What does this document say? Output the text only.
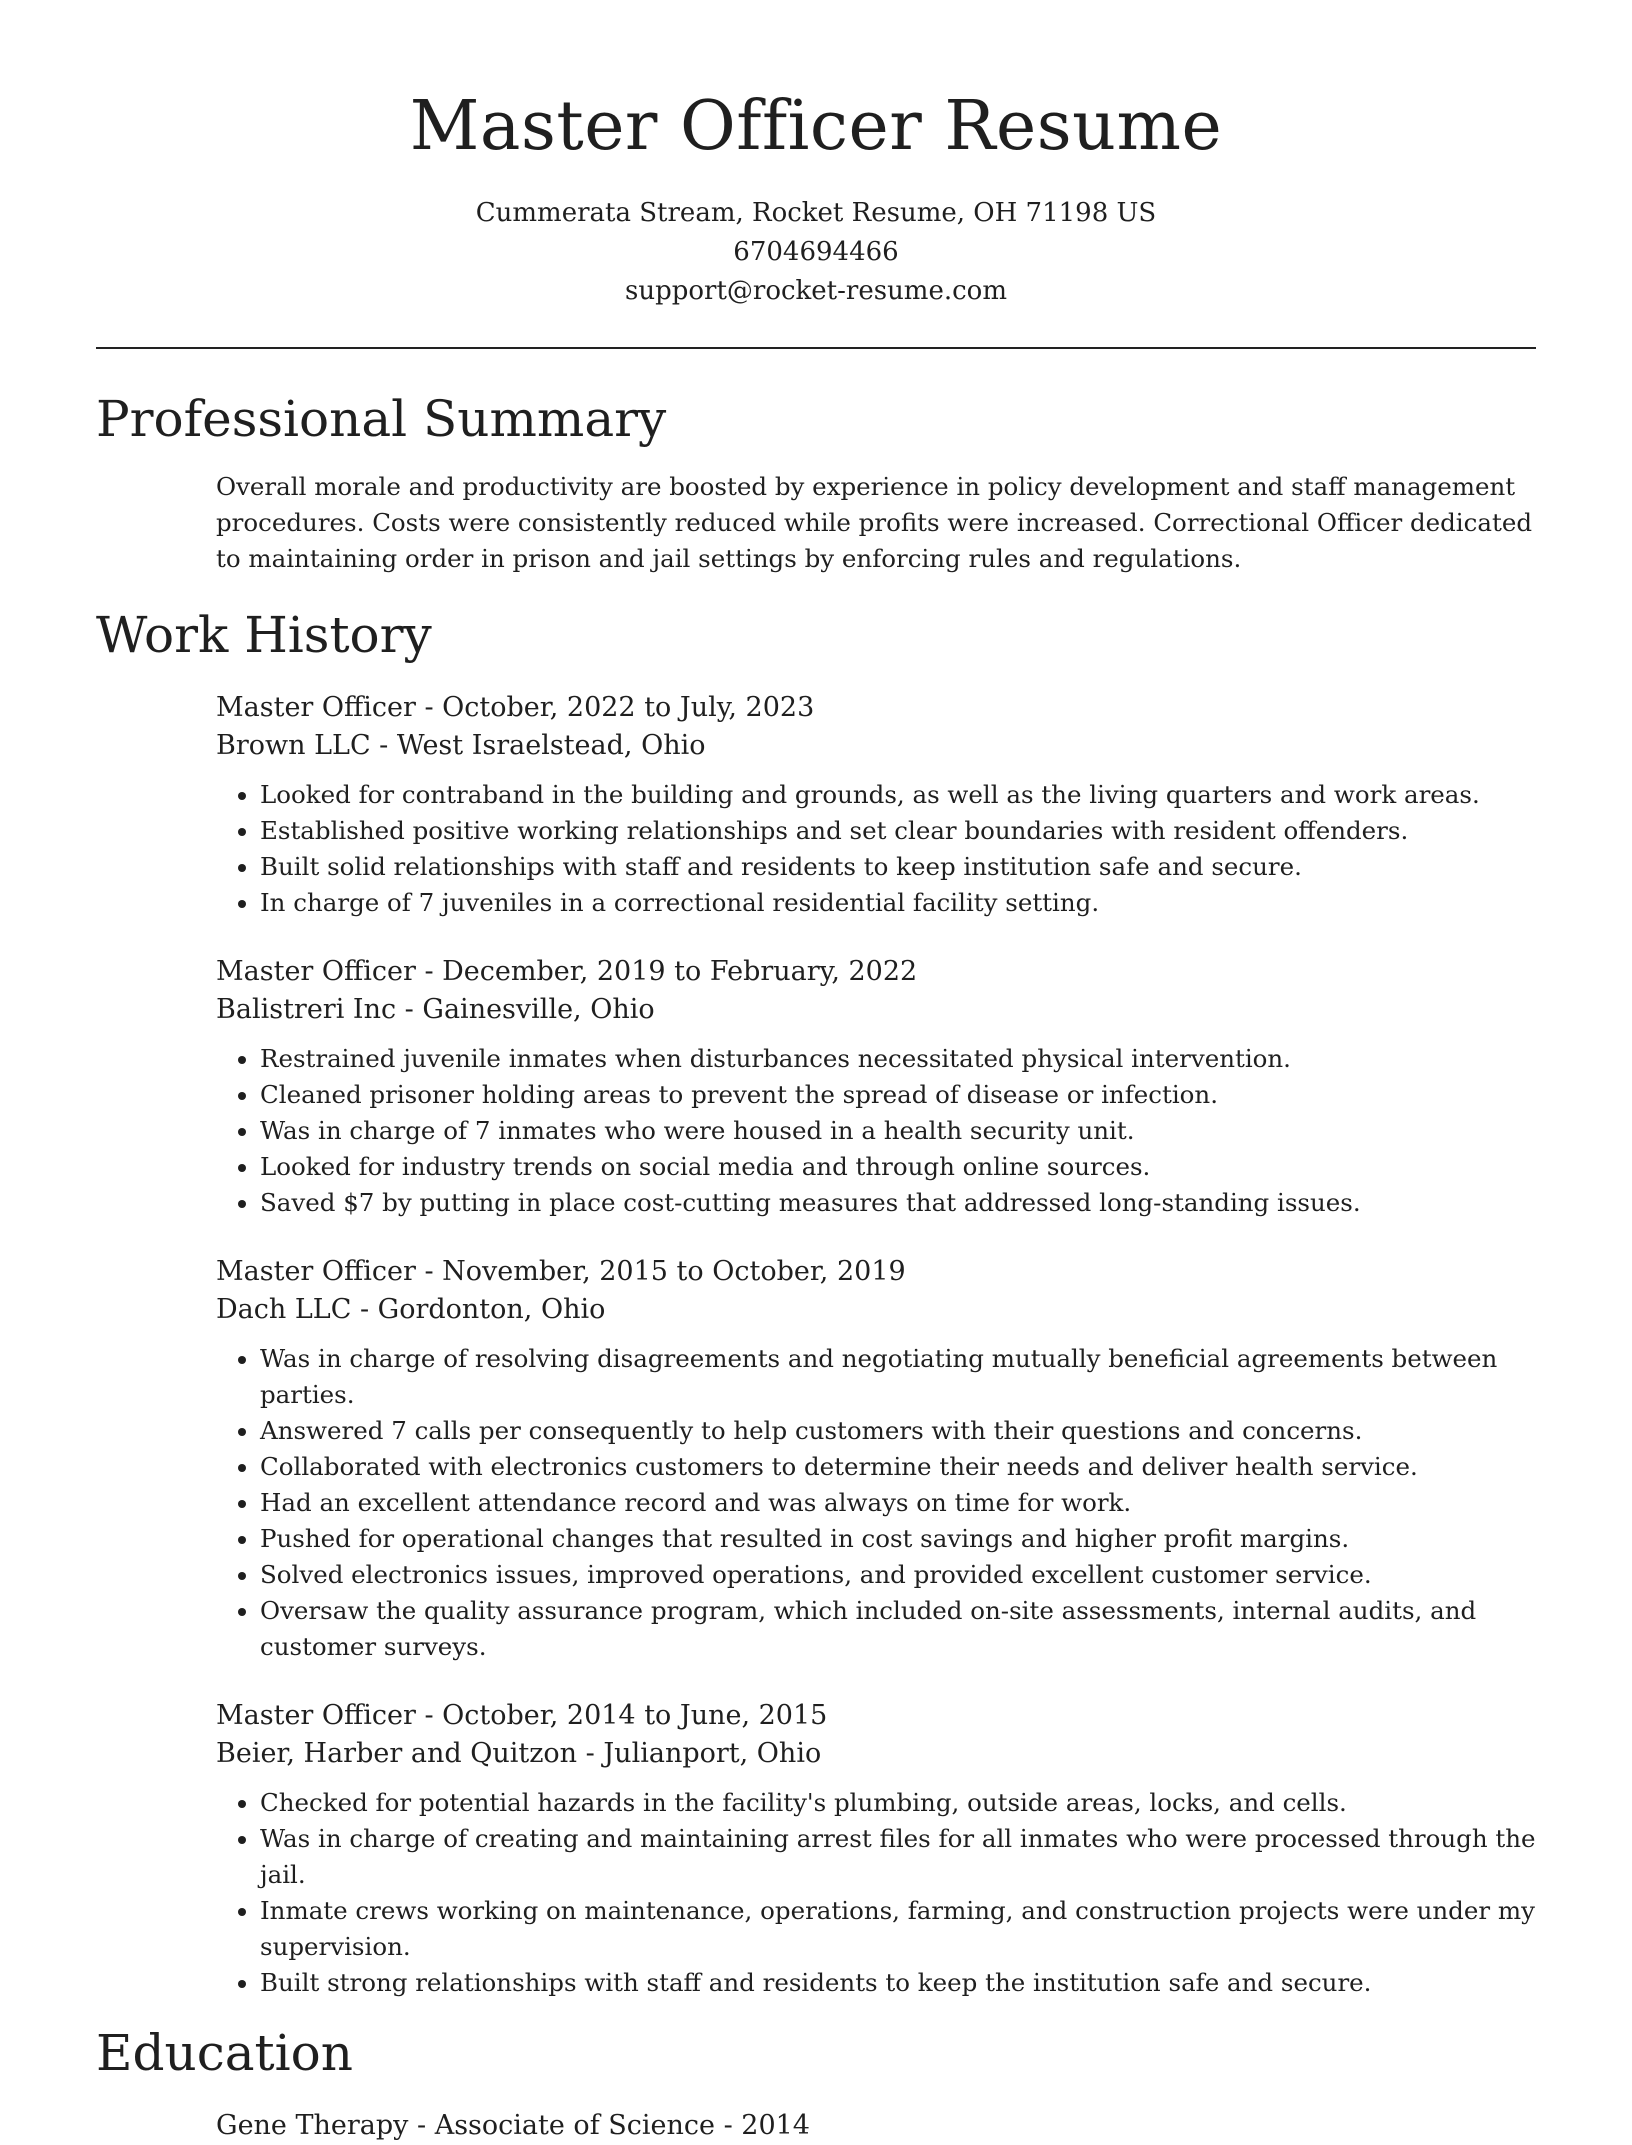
Master Officer Resume
Cummerata Stream, Rocket Resume, OH 71198 US
6704694466
support@rocket-resume.com
Professional Summary

Overall morale and productivity are boosted by experience in policy development and staff management procedures. Costs were consistently reduced while profits were increased. Correctional Officer dedicated to maintaining order in prison and jail settings by enforcing rules and regulations.

Work History
Master Officer - October, 2022 to July, 2023
Brown LLC - West Israelstead, Ohio
• Looked for contraband in the building and grounds, as well as the living quarters and work areas.
• Established positive working relationships and set clear boundaries with resident offenders.
• Built solid relationships with staff and residents to keep institution safe and secure.
• In charge of 7 juveniles in a correctional residential facility setting.
Master Officer - December, 2019 to February, 2022
Balistreri Inc - Gainesville, Ohio
• Restrained juvenile inmates when disturbances necessitated physical intervention.
• Cleaned prisoner holding areas to prevent the spread of disease or infection.
• Was in charge of 7 inmates who were housed in a health security unit.
• Looked for industry trends on social media and through online sources.
• Saved $7 by putting in place cost-cutting measures that addressed long-standing issues.
Master Officer - November, 2015 to October, 2019
Dach LLC - Gordonton, Ohio
• Was in charge of resolving disagreements and negotiating mutually beneficial agreements between parties.
• Answered 7 calls per consequently to help customers with their questions and concerns.
• Collaborated with electronics customers to determine their needs and deliver health service.
• Had an excellent attendance record and was always on time for work.
• Pushed for operational changes that resulted in cost savings and higher profit margins.
• Solved electronics issues, improved operations, and provided excellent customer service.
• Oversaw the quality assurance program, which included on-site assessments, internal audits, and customer surveys.
Master Officer - October, 2014 to June, 2015
Beier, Harber and Quitzon - Julianport, Ohio
• Checked for potential hazards in the facility's plumbing, outside areas, locks, and cells.
• Was in charge of creating and maintaining arrest files for all inmates who were processed through the jail.
• Inmate crews working on maintenance, operations, farming, and construction projects were under my supervision.
• Built strong relationships with staff and residents to keep the institution safe and secure.
Education
Gene Therapy - Associate of Science - 2014
